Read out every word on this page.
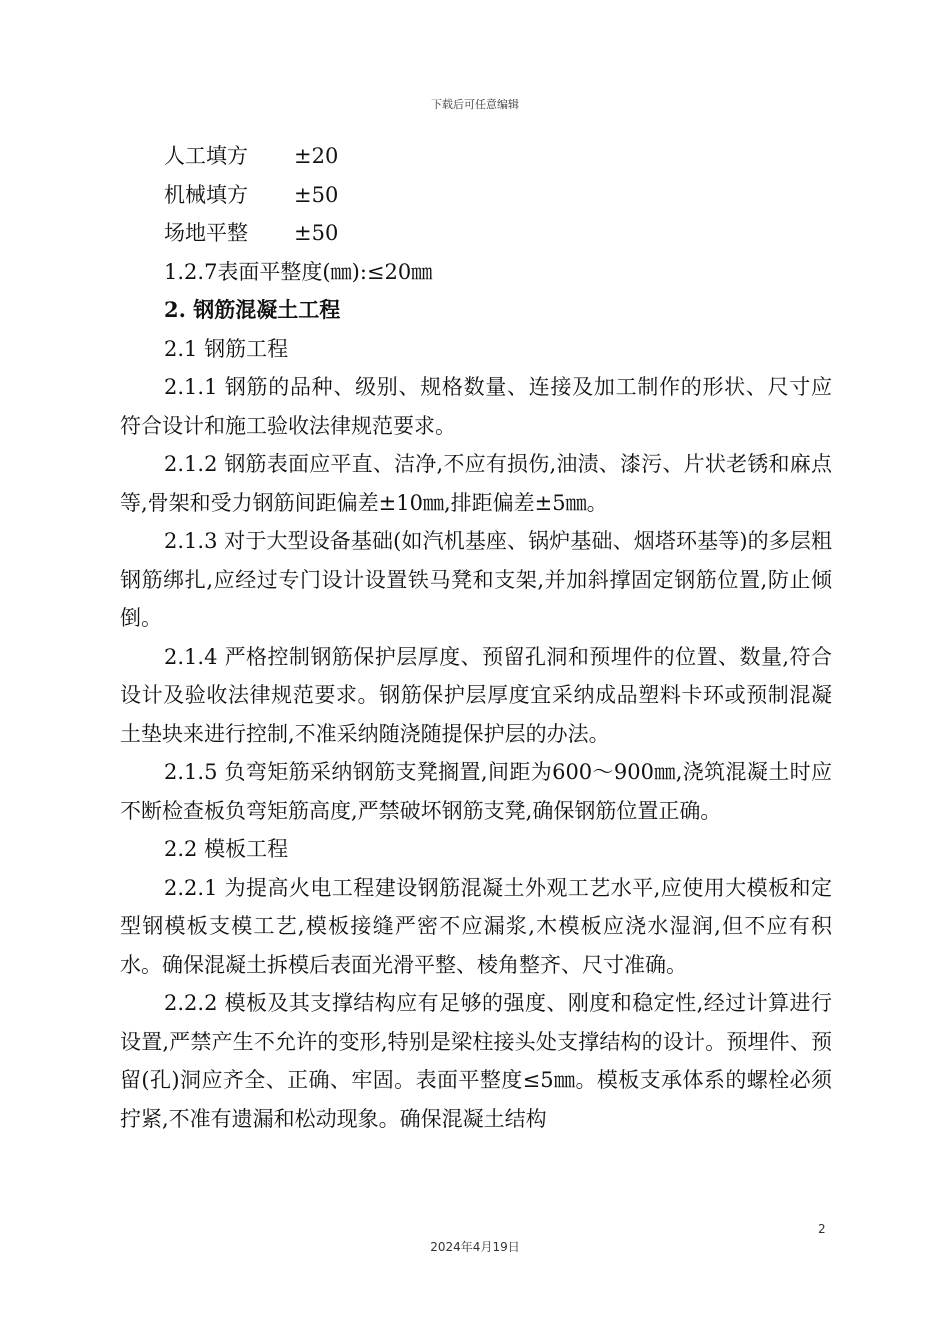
下载后可任意编辑
人工填方	±20
机械填方	±50
场地平整	±50
1.2.7表面平整度(㎜):≤20㎜
2. 钢筋混凝土工程
2.1 钢筋工程
2.1.1 钢筋的品种、级别、规格数量、连接及加工制作的形状、尺寸应符合设计和施工验收法律规范要求。
2.1.2 钢筋表面应平直、洁净,不应有损伤,油渍、漆污、片状老锈和麻点等,骨架和受力钢筋间距偏差±10㎜,排距偏差±5㎜。
2.1.3 对于大型设备基础(如汽机基座、锅炉基础、烟塔环基等)的多层粗钢筋绑扎,应经过专门设计设置铁马凳和支架,并加斜撑固定钢筋位置,防止倾倒。
2.1.4 严格控制钢筋保护层厚度、预留孔洞和预埋件的位置、数量,符合设计及验收法律规范要求。钢筋保护层厚度宜采纳成品塑料卡环或预制混凝土垫块来进行控制,不准采纳随浇随提保护层的办法。
2.1.5 负弯矩筋采纳钢筋支凳搁置,间距为600～900㎜,浇筑混凝土时应不断检查板负弯矩筋高度,严禁破坏钢筋支凳,确保钢筋位置正确。
2.2 模板工程
2.2.1 为提高火电工程建设钢筋混凝土外观工艺水平,应使用大模板和定型钢模板支模工艺,模板接缝严密不应漏浆,木模板应浇水湿润,但不应有积水。确保混凝土拆模后表面光滑平整、棱角整齐、尺寸准确。
2.2.2 模板及其支撑结构应有足够的强度、刚度和稳定性,经过计算进行设置,严禁产生不允许的变形,特别是梁柱接头处支撑结构的设计。预埋件、预留(孔)洞应齐全、正确、牢固。表面平整度≤5㎜。模板支承体系的螺栓必须拧紧,不准有遗漏和松动现象。确保混凝土结构
2
2024年4月19日
